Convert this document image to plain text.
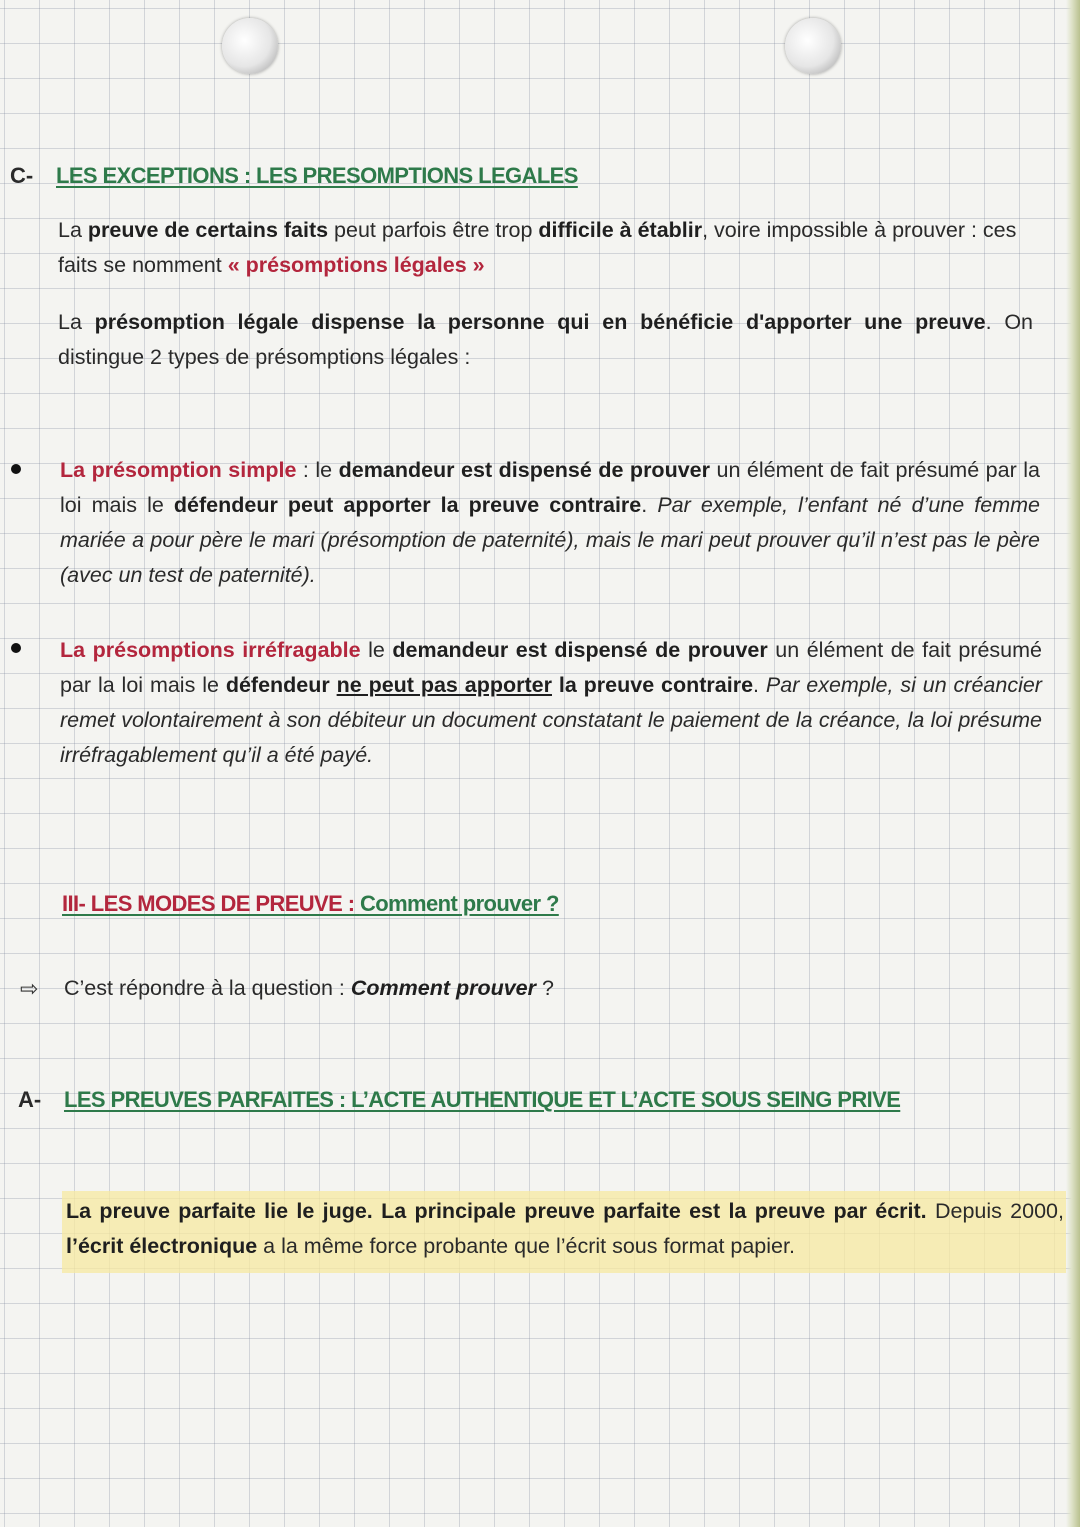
C- LES EXCEPTIONS : LES PRESOMPTIONS LEGALES
La preuve de certains faits peut parfois être trop difficile à établir, voire impossible à prouver : ces faits se nomment « présomptions légales »
La présomption légale dispense la personne qui en bénéficie d'apporter une preuve. On distingue 2 types de présomptions légales :
La présomption simple : le demandeur est dispensé de prouver un élément de fait présumé par la loi mais le défendeur peut apporter la preuve contraire. Par exemple, l’enfant né d’une femme mariée a pour père le mari (présomption de paternité), mais le mari peut prouver qu’il n’est pas le père (avec un test de paternité).
La présomptions irréfragable le demandeur est dispensé de prouver un élément de fait présumé par la loi mais le défendeur ne peut pas apporter la preuve contraire. Par exemple, si un créancier remet volontairement à son débiteur un document constatant le paiement de la créance, la loi présume irréfragablement qu’il a été payé.
III- LES MODES DE PREUVE : Comment prouver ?
⇨ C’est répondre à la question : Comment prouver ?
A- LES PREUVES PARFAITES : L’ACTE AUTHENTIQUE ET L’ACTE SOUS SEING PRIVE
La preuve parfaite lie le juge. La principale preuve parfaite est la preuve par écrit. Depuis 2000, l’écrit électronique a la même force probante que l’écrit sous format papier.
